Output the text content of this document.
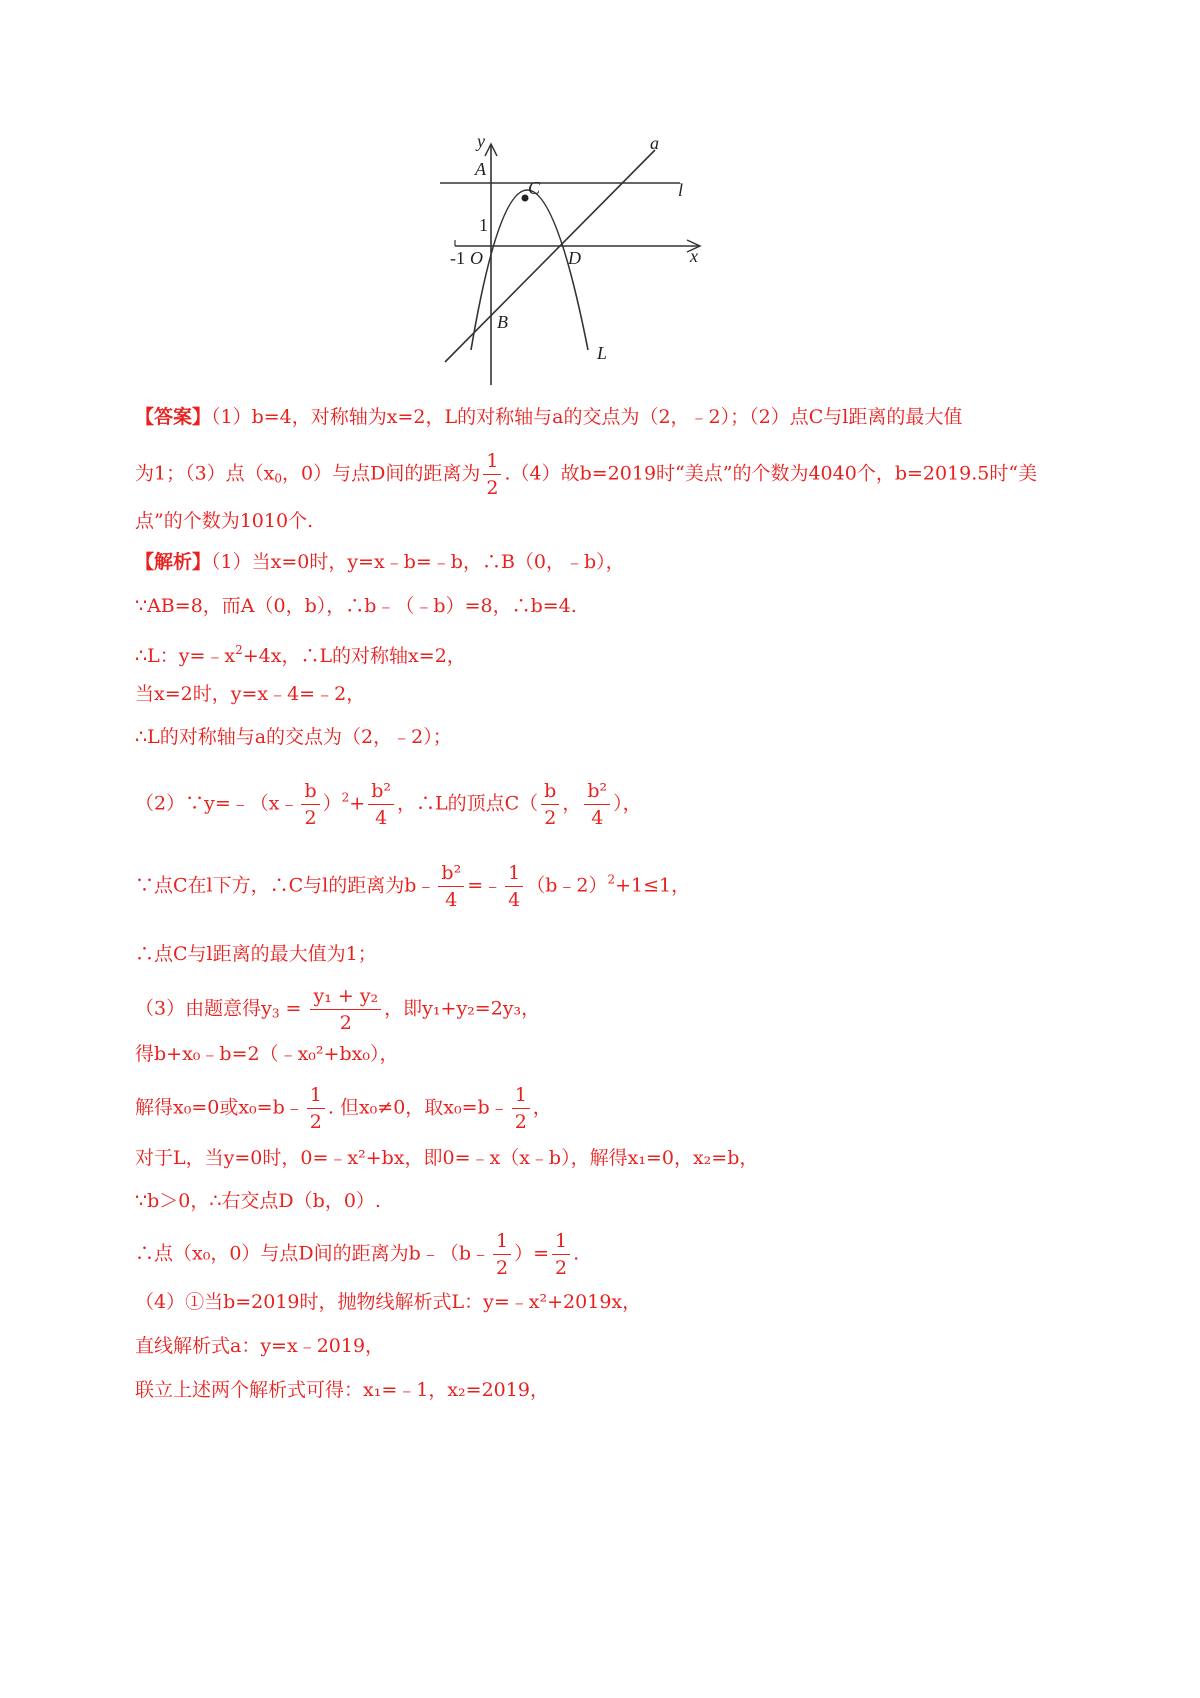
y
x
a
l
L
A
B
C
D
O
1
-1
【答案】（1）b=4，对称轴为x=2，L的对称轴与a的交点为（2，﹣2）；（2）点C与l距离的最大值
为1；（3）点（$x_0$，0）与点D间的距离为 $\frac{1}{2} .(4)$故b=2019时“美点”的个数为4040个，b=2019.5时“美
点”的个数为1010个.
【解析】（1）当x=0时，y=x﹣b=﹣b，∴B（0，﹣b），
∵AB=8，而A（0，b），∴b﹣（﹣b）=8，∴b=4.
∴L：$y=﹣x^2+4x$，∴L的对称轴x=2，
当x=2时，y=x﹣4=﹣2，
∴L的对称轴与a的交点为（2，﹣2）；
（2）∵y=﹣（x﹣ $\frac{b}{2} )^2+ \frac{\text{b²}}{4}$ ，∴L的顶点$C( \frac{b}{2}$ ， $\frac{\text{b²}}{4}$ ），
∵点C在l下方，∴C与l的距离为b﹣ $\frac{\text{b²}}{4}$ =﹣ $\frac{1}{4}$ （b﹣2）$^2$+1≤1，
∴点C与l距离的最大值为1；
（3）由题意得$y_3 = \frac{\text{y₁ + y₂}}{2}$ ，即y₁+y₂=2y₃，
得b+x₀﹣b=2（﹣x₀²+bx₀），
解得x₀=0或x₀=b﹣ $\frac{1}{2}$ . 但x₀≠0，取x₀=b﹣ $\frac{1}{2}$ ，
对于L，当y=0时，0=﹣x²+bx，即0=﹣x（x﹣b），解得x₁=0，x₂=b，
∵b＞0，∴右交点D（b，0）.
∴点（x₀，0）与点D间的距离为b﹣（b﹣ $\frac{1}{2}$ ）= $\frac{1}{2}$ .
（4）①当b=2019时，抛物线解析式L：y=﹣x²+2019x，
直线解析式a：y=x﹣2019，
联立上述两个解析式可得：x₁=﹣1，x₂=2019，
